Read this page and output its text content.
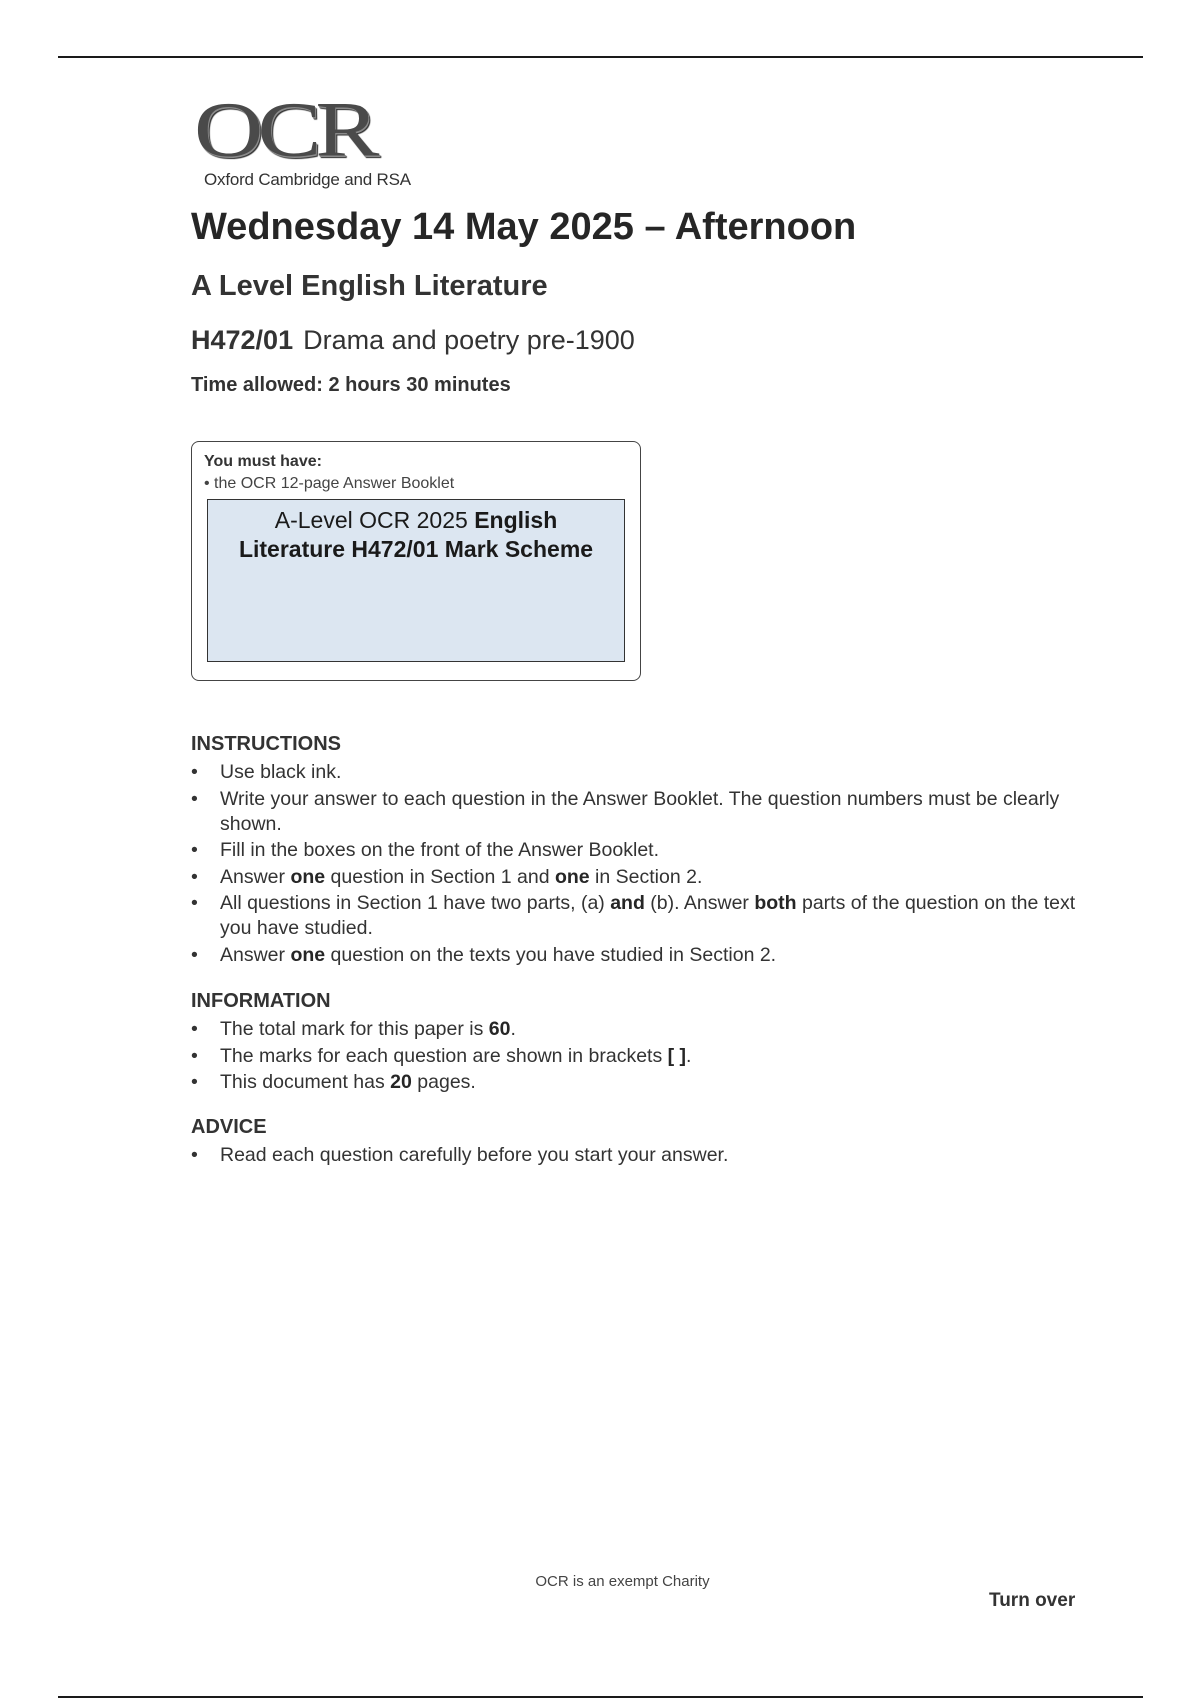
OCR
Oxford Cambridge and RSA
Wednesday 14 May 2025 – Afternoon
A Level English Literature
H472/01 Drama and poetry pre-1900
Time allowed: 2 hours 30 minutes
You must have:
• the OCR 12-page Answer Booklet
A-Level OCR 2025 English
Literature H472/01 Mark Scheme
INSTRUCTIONS
• Use black ink.
• Write your answer to each question in the Answer Booklet. The question numbers must be clearly shown.
• Fill in the boxes on the front of the Answer Booklet.
• Answer one question in Section 1 and one in Section 2.
• All questions in Section 1 have two parts, (a) and (b). Answer both parts of the question on the text you have studied.
• Answer one question on the texts you have studied in Section 2.
INFORMATION
• The total mark for this paper is 60.
• The marks for each question are shown in brackets [ ].
• This document has 20 pages.
ADVICE
• Read each question carefully before you start your answer.
OCR is an exempt Charity
Turn over
